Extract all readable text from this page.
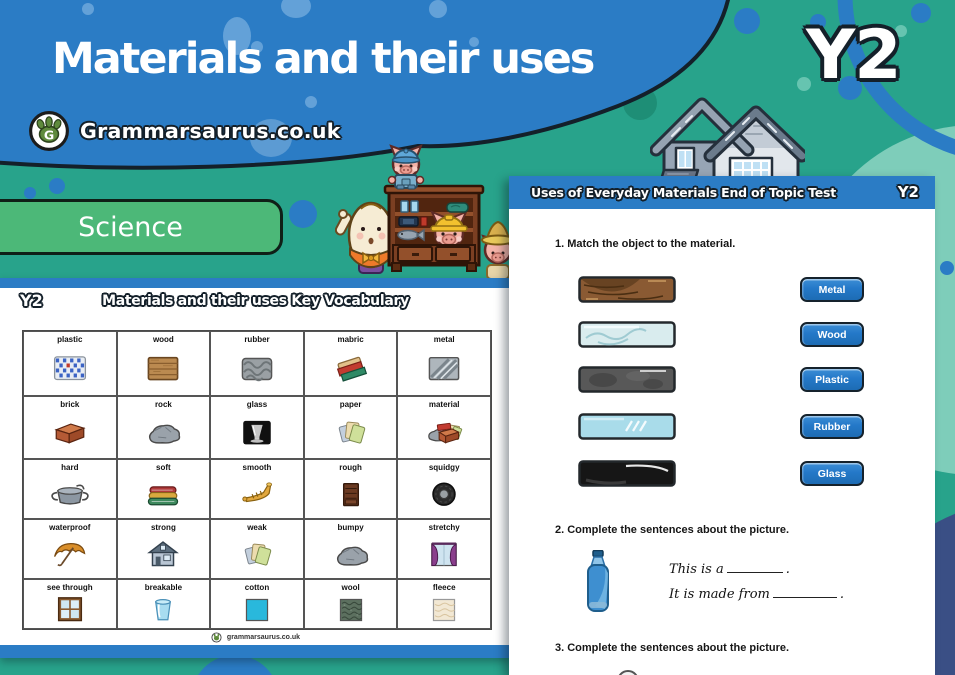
Materials and their uses	Y2
G Grammarsaurus.co.uk
Science
Y2	Materials and their uses Key Vocabulary
plastic	wood	rubber	mabric	metal
brick	rock	glass	paper	material
hard	soft	smooth	rough	squidgy
waterproof	strong	weak	bumpy	stretchy
see through	breakable	cotton	wool	fleece
grammarsaurus.co.uk
Uses of Everyday Materials End of Topic Test	Y2
1. Match the object to the material.
Metal
Wood
Plastic
Rubber
Glass
2. Complete the sentences about the picture.
This is a	.
It is made from	.
3. Complete the sentences about the picture.
